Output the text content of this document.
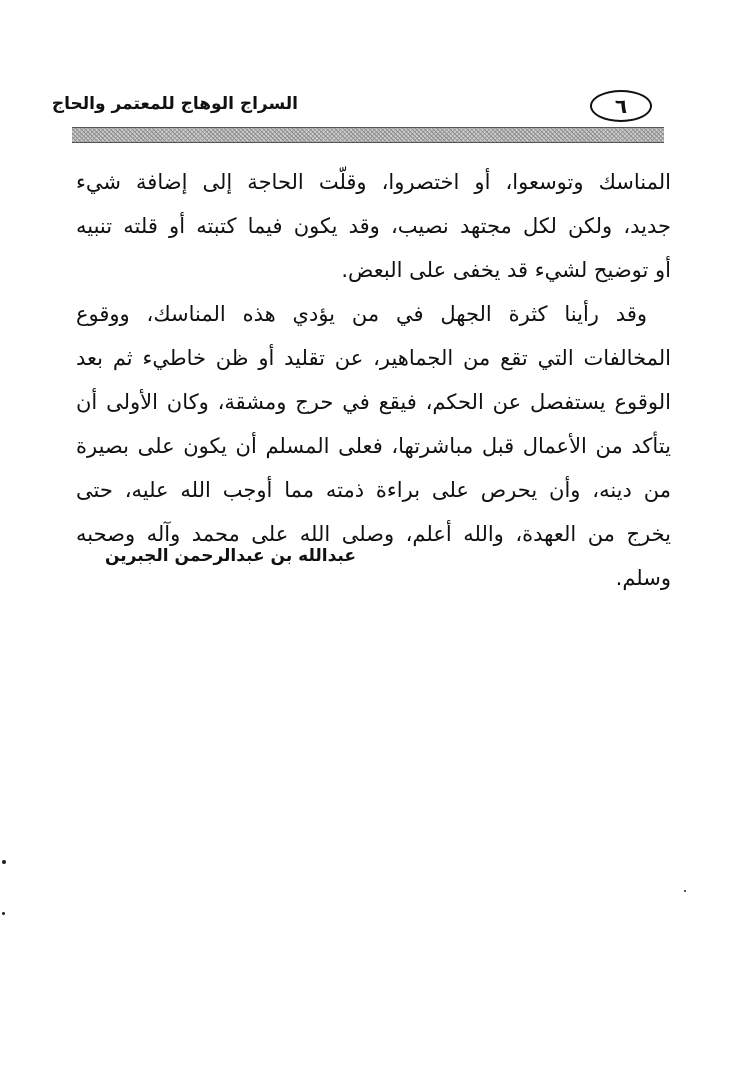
٦
السراج الوهاج للمعتمر والحاج
المناسك وتوسعوا، أو اختصروا، وقلّت الحاجة إلى إضافة شيء
جديد، ولكن لكل مجتهد نصيب، وقد يكون فيما كتبته أو قلته تنبيه
أو توضيح لشيء قد يخفى على البعض.
وقد رأينا كثرة الجهل في من يؤدي هذه المناسك، ووقوع
المخالفات التي تقع من الجماهير، عن تقليد أو ظن خاطيء ثم بعد
الوقوع يستفصل عن الحكم، فيقع في حرج ومشقة، وكان الأولى أن
يتأكد من الأعمال قبل مباشرتها، فعلى المسلم أن يكون على بصيرة
من دينه، وأن يحرص على براءة ذمته مما أوجب الله عليه، حتى
يخرج من العهدة، والله أعلم، وصلى الله على محمد وآله وصحبه
وسلم.
عبدالله بن عبدالرحمن الجبرين
